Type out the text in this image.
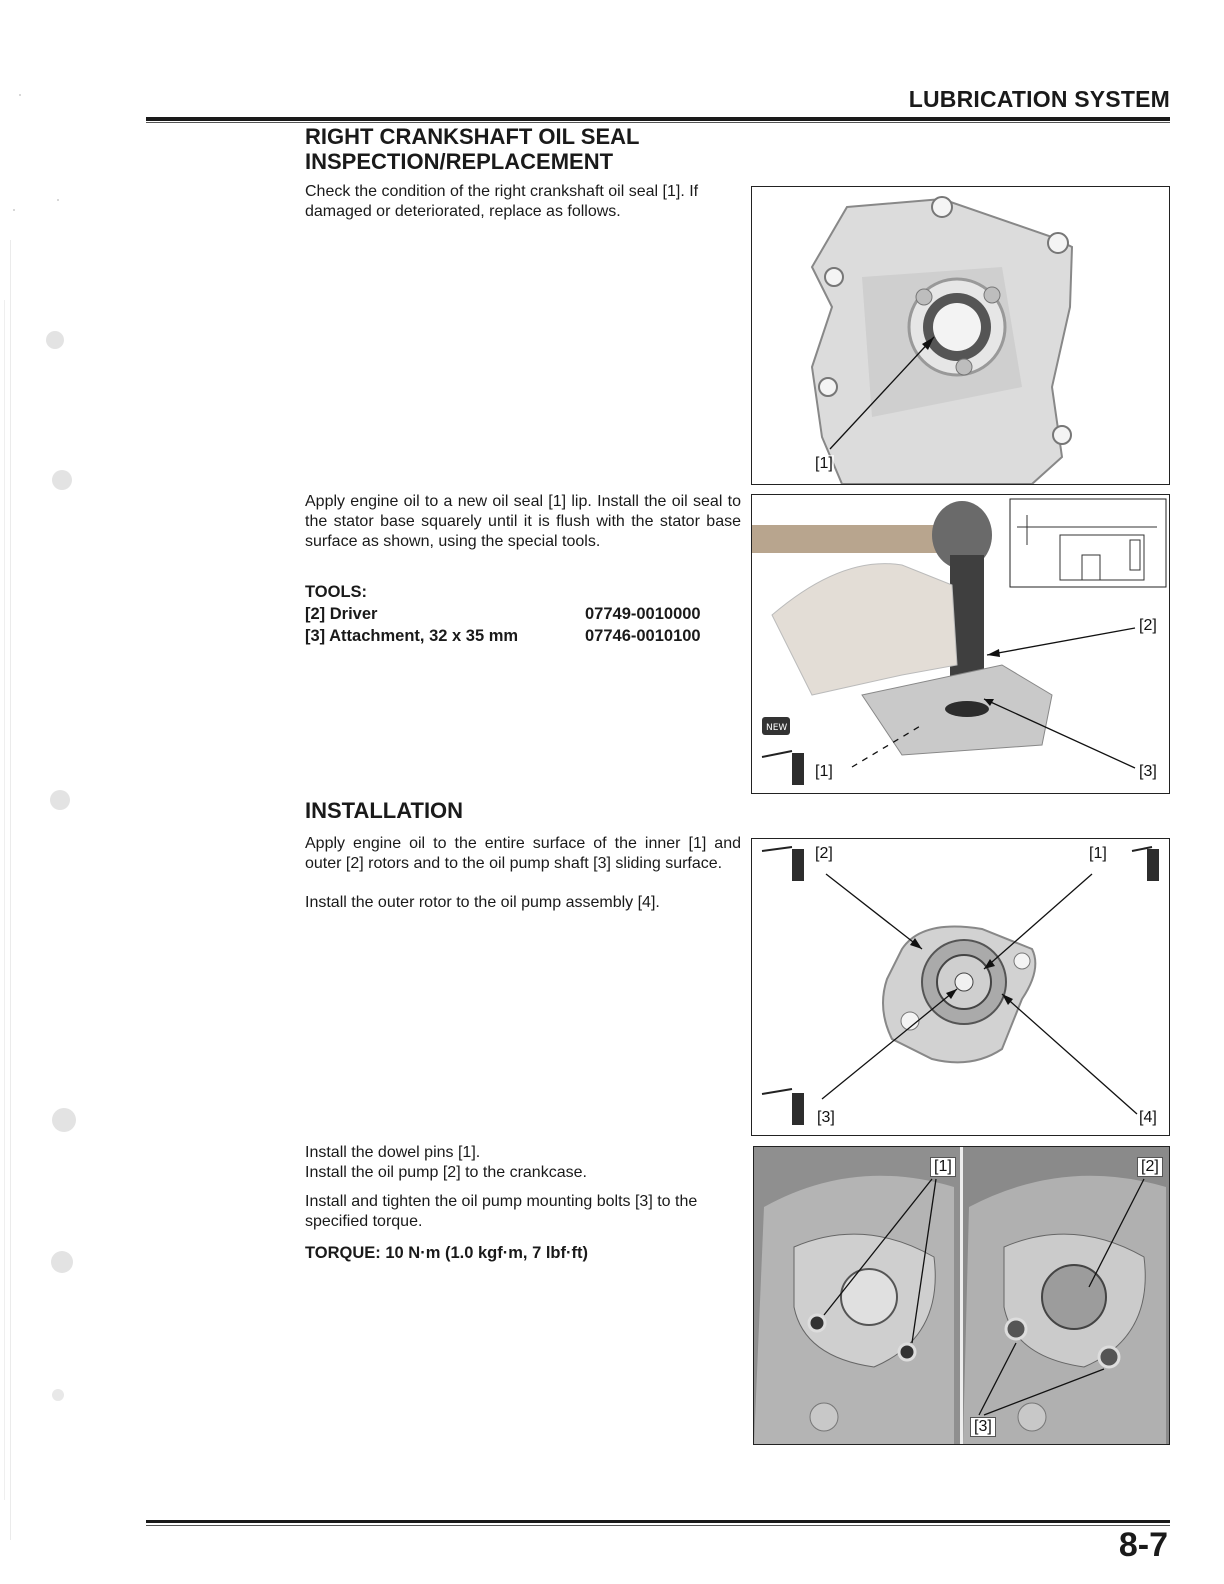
LUBRICATION SYSTEM
RIGHT CRANKSHAFT OIL SEAL
INSPECTION/REPLACEMENT
Check the condition of the right crankshaft oil seal [1]. If damaged or deteriorated, replace as follows.
Apply engine oil to a new oil seal [1] lip. Install the oil seal to the stator base squarely until it is flush with the stator base surface as shown, using the special tools.
TOOLS:
[2] Driver	07749-0010000
[3] Attachment, 32 x 35 mm	07746-0010100
INSTALLATION
Apply engine oil to the entire surface of the inner [1] and outer [2] rotors and to the oil pump shaft [3] sliding surface.
Install the outer rotor to the oil pump assembly [4].
Install the dowel pins [1].
Install the oil pump [2] to the crankcase.
Install and tighten the oil pump mounting bolts [3] to the specified torque.
TORQUE: 10 N·m (1.0 kgf·m, 7 lbf·ft)
[1]
NEW
[1]
[2]
[3]
[2]	[1]
[3]	[4]
[1]	[2]
[3]
8-7
